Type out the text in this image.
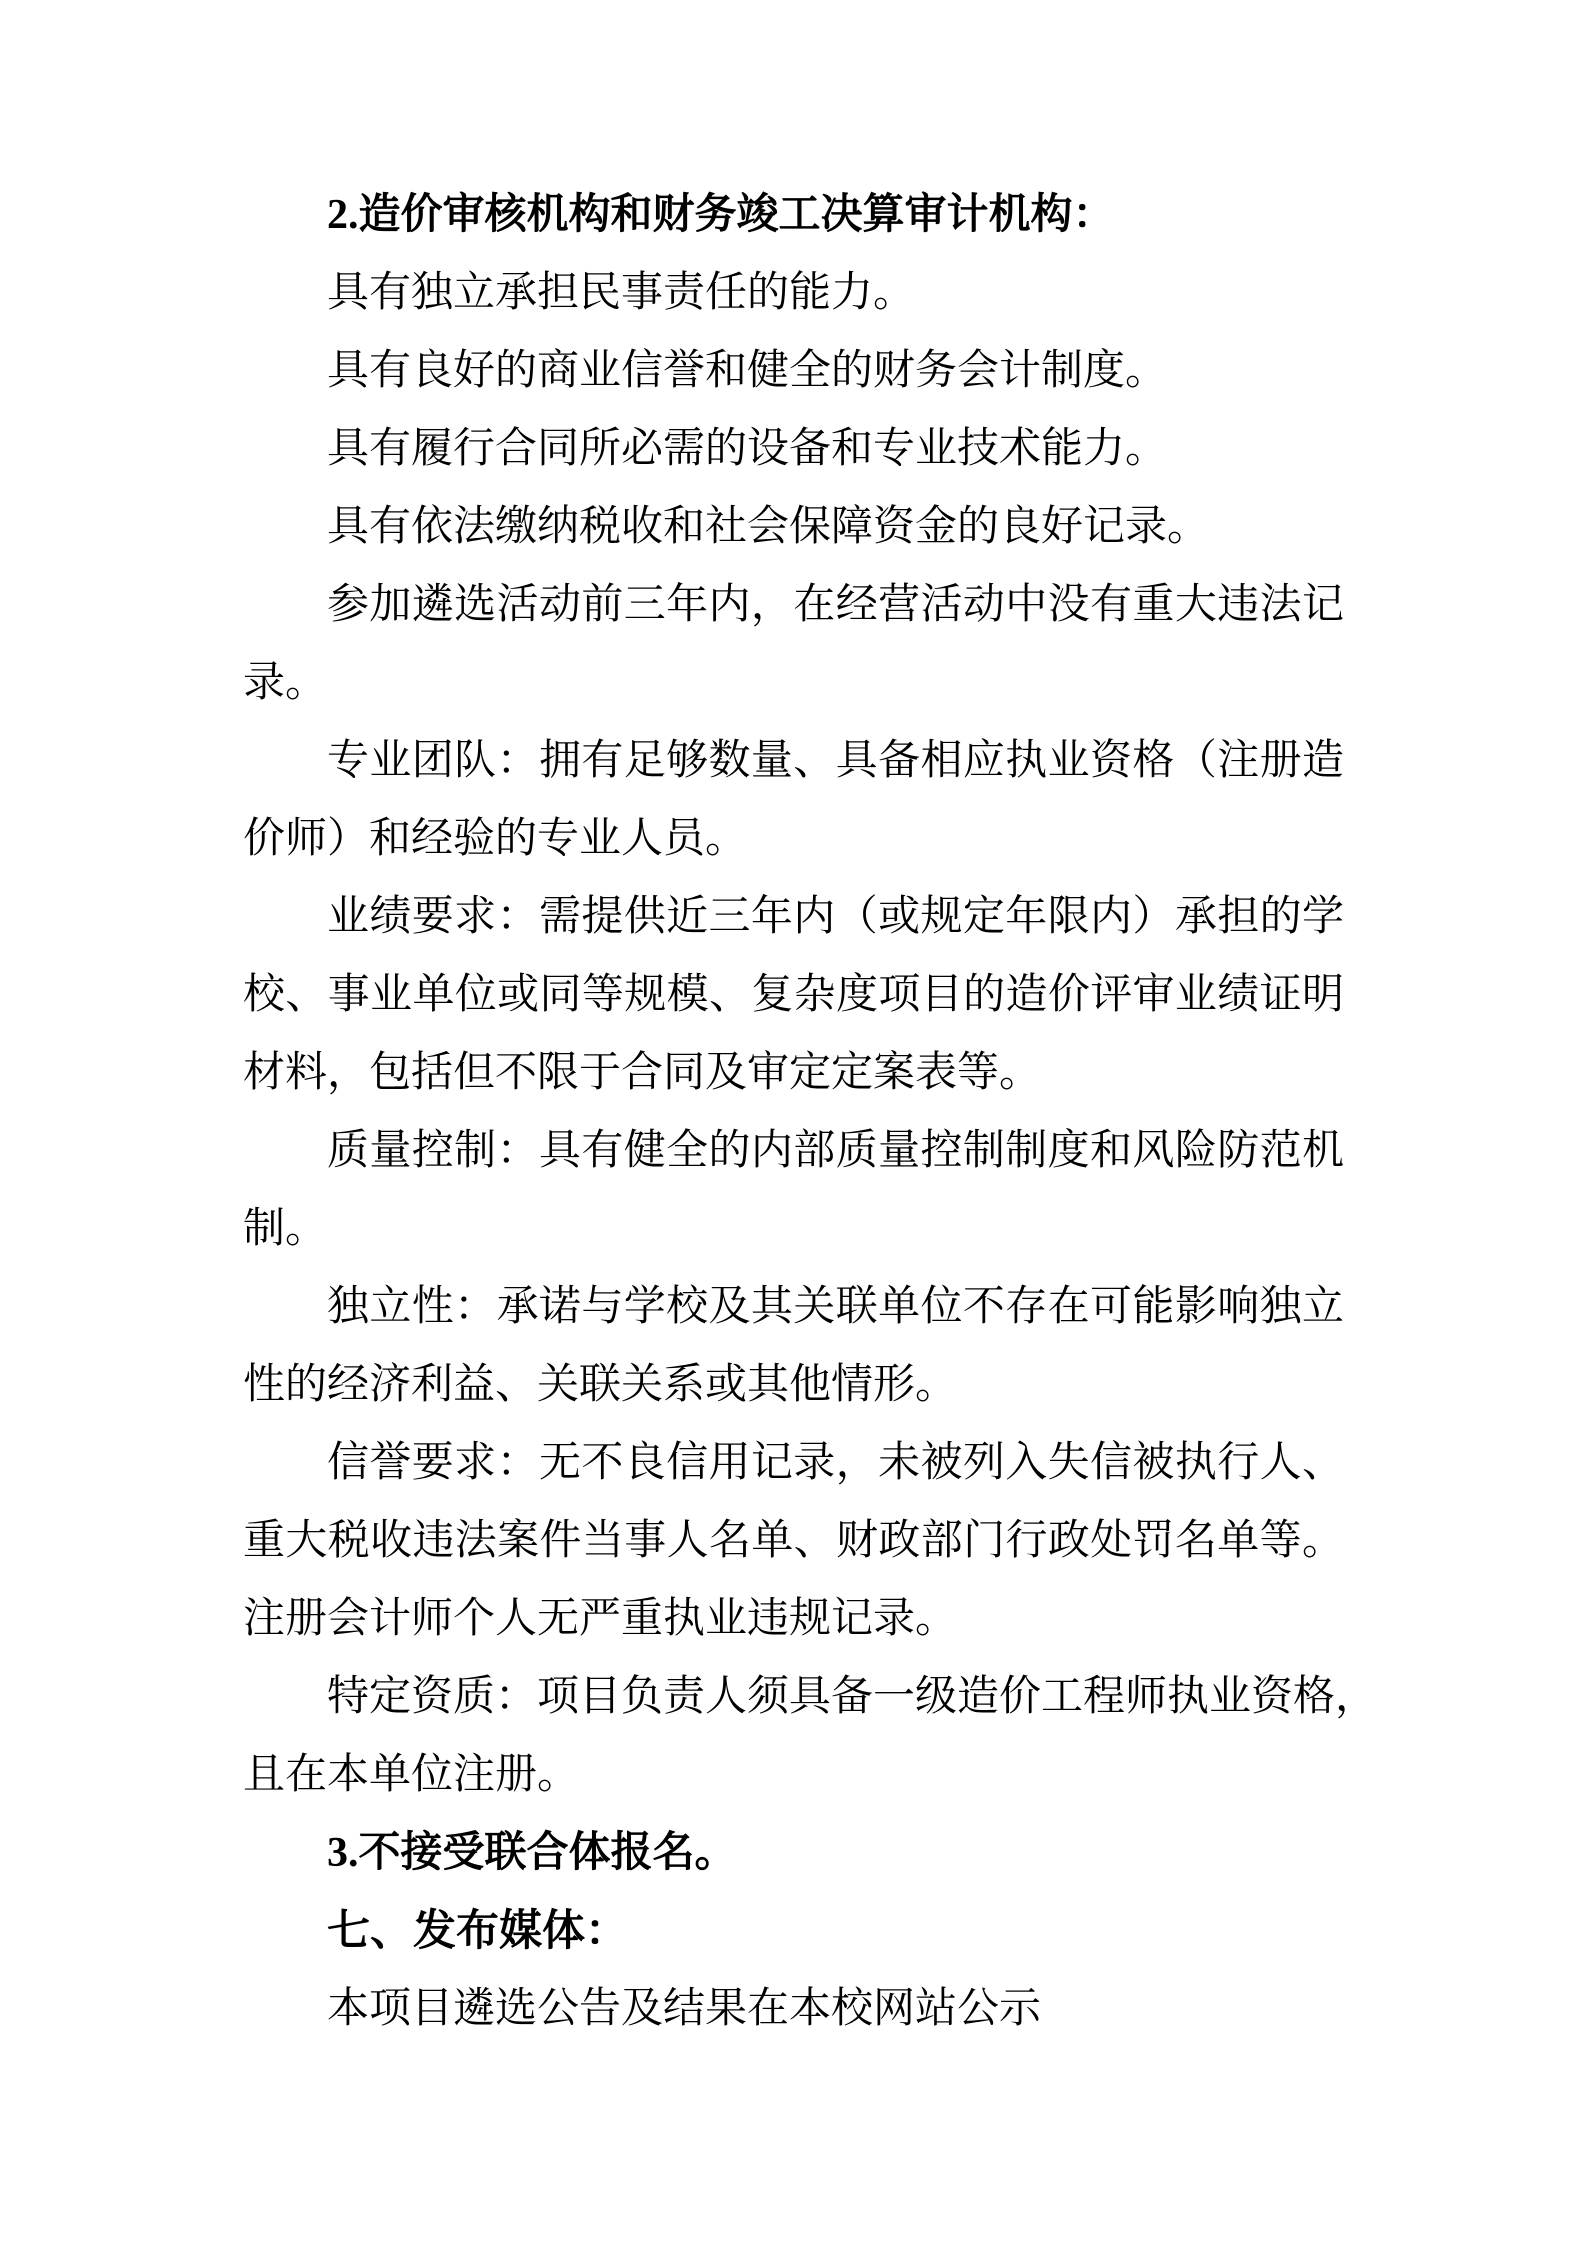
2.造价审核机构和财务竣工决算审计机构：
具有独立承担民事责任的能力。
具有良好的商业信誉和健全的财务会计制度。
具有履行合同所必需的设备和专业技术能力。
具有依法缴纳税收和社会保障资金的良好记录。
参加遴选活动前三年内，在经营活动中没有重大违法记
录。
专业团队：拥有足够数量、具备相应执业资格（注册造
价师）和经验的专业人员。
业绩要求：需提供近三年内（或规定年限内）承担的学
校、事业单位或同等规模、复杂度项目的造价评审业绩证明
材料，包括但不限于合同及审定定案表等。
质量控制：具有健全的内部质量控制制度和风险防范机
制。
独立性：承诺与学校及其关联单位不存在可能影响独立
性的经济利益、关联关系或其他情形。
信誉要求：无不良信用记录，未被列入失信被执行人、
重大税收违法案件当事人名单、财政部门行政处罚名单等。
注册会计师个人无严重执业违规记录。
特定资质：项目负责人须具备一级造价工程师执业资格，
且在本单位注册。
3.不接受联合体报名。
七、发布媒体：
本项目遴选公告及结果在本校网站公示
